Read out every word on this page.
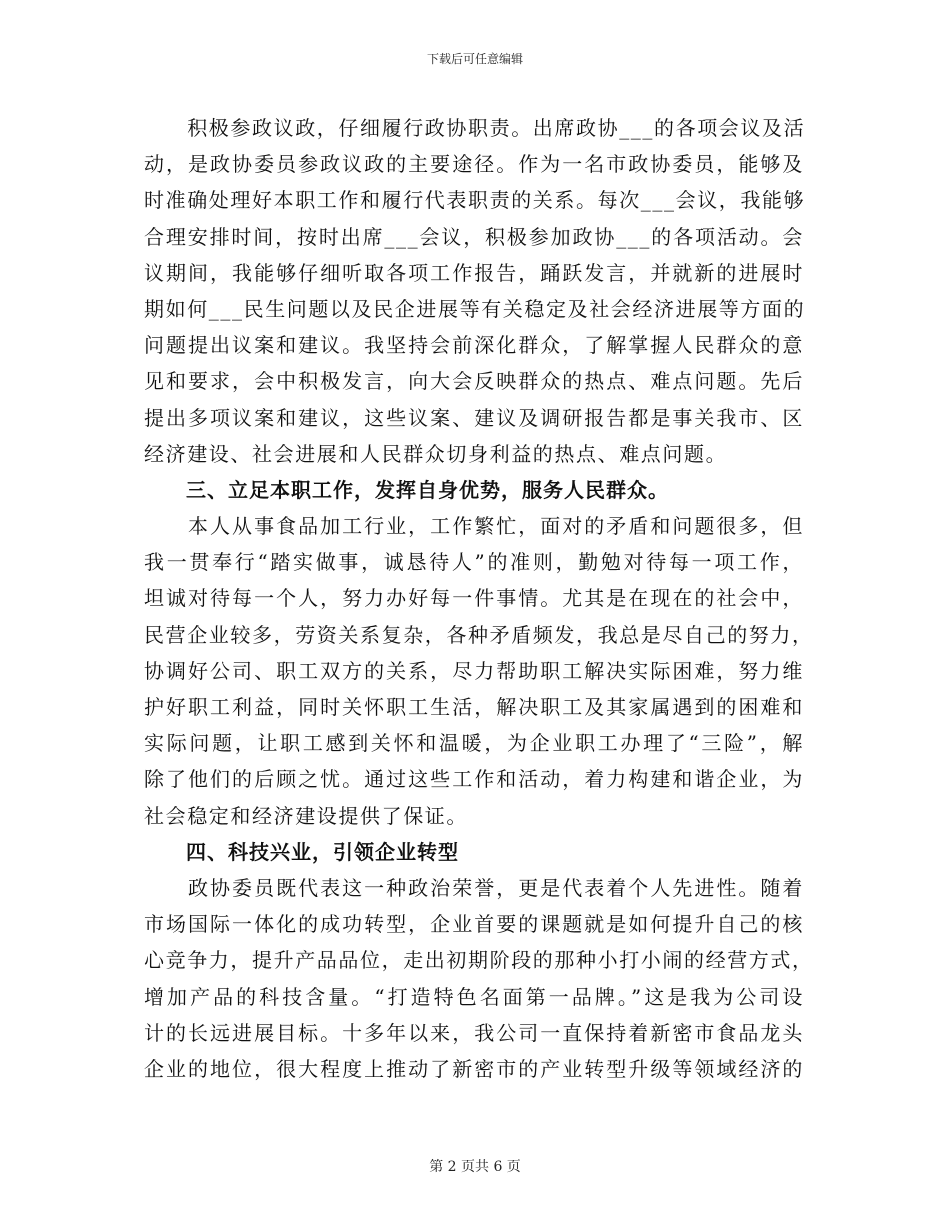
下载后可任意编辑
　　积极参政议政，仔细履行政协职责。出席政协___的各项会议及活
动，是政协委员参政议政的主要途径。作为一名市政协委员，能够及
时准确处理好本职工作和履行代表职责的关系。每次___会议，我能够
合理安排时间，按时出席___会议，积极参加政协___的各项活动。会
议期间，我能够仔细听取各项工作报告，踊跃发言，并就新的进展时
期如何___民生问题以及民企进展等有关稳定及社会经济进展等方面的
问题提出议案和建议。我坚持会前深化群众，了解掌握人民群众的意
见和要求，会中积极发言，向大会反映群众的热点、难点问题。先后
提出多项议案和建议，这些议案、建议及调研报告都是事关我市、区
经济建设、社会进展和人民群众切身利益的热点、难点问题。
　　三、立足本职工作，发挥自身优势，服务人民群众。
　　本人从事食品加工行业，工作繁忙，面对的矛盾和问题很多，但
我一贯奉行“踏实做事，诚恳待人”的准则，勤勉对待每一项工作，
坦诚对待每一个人，努力办好每一件事情。尤其是在现在的社会中，
民营企业较多，劳资关系复杂，各种矛盾频发，我总是尽自己的努力，
协调好公司、职工双方的关系，尽力帮助职工解决实际困难，努力维
护好职工利益，同时关怀职工生活，解决职工及其家属遇到的困难和
实际问题，让职工感到关怀和温暖，为企业职工办理了“三险”，解
除了他们的后顾之忧。通过这些工作和活动，着力构建和谐企业，为
社会稳定和经济建设提供了保证。
　　四、科技兴业，引领企业转型
　　政协委员既代表这一种政治荣誉，更是代表着个人先进性。随着
市场国际一体化的成功转型，企业首要的课题就是如何提升自己的核
心竞争力，提升产品品位，走出初期阶段的那种小打小闹的经营方式，
增加产品的科技含量。“打造特色名面第一品牌。”这是我为公司设
计的长远进展目标。十多年以来，我公司一直保持着新密市食品龙头
企业的地位，很大程度上推动了新密市的产业转型升级等领域经济的
第 2 页共 6 页
